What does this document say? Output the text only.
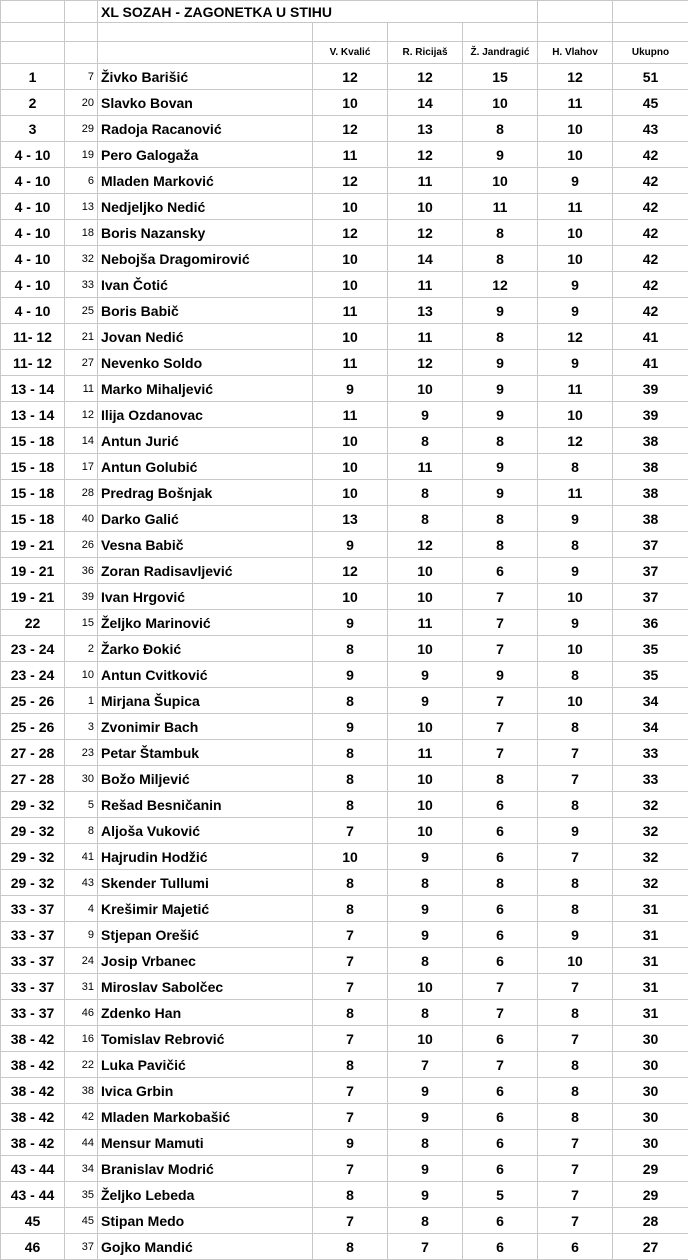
		XL SOZAH - ZAGONETKA U STIHU					

			V. Kvalić	R. Ricijaš	Ž. Jandragić	H. Vlahov	Ukupno
1	7	Živko Barišić	12	12	15	12	51
2	20	Slavko Bovan	10	14	10	11	45
3	29	Radoja Racanović	12	13	8	10	43
4 - 10	19	Pero Galogaža	11	12	9	10	42
4 - 10	6	Mladen Marković	12	11	10	9	42
4 - 10	13	Nedjeljko Nedić	10	10	11	11	42
4 - 10	18	Boris Nazansky	12	12	8	10	42
4 - 10	32	Nebojša Dragomirović	10	14	8	10	42
4 - 10	33	Ivan Čotić	10	11	12	9	42
4 - 10	25	Boris Babič	11	13	9	9	42
11- 12	21	Jovan Nedić	10	11	8	12	41
11- 12	27	Nevenko Soldo	11	12	9	9	41
13 - 14	11	Marko Mihaljević	9	10	9	11	39
13 - 14	12	Ilija Ozdanovac	11	9	9	10	39
15 - 18	14	Antun Jurić	10	8	8	12	38
15 - 18	17	Antun Golubić	10	11	9	8	38
15 - 18	28	Predrag Bošnjak	10	8	9	11	38
15 - 18	40	Darko Galić	13	8	8	9	38
19 - 21	26	Vesna Babič	9	12	8	8	37
19 - 21	36	Zoran Radisavljević	12	10	6	9	37
19 - 21	39	Ivan Hrgović	10	10	7	10	37
22	15	Željko Marinović	9	11	7	9	36
23 - 24	2	Žarko Đokić	8	10	7	10	35
23 - 24	10	Antun Cvitković	9	9	9	8	35
25 - 26	1	Mirjana Šupica	8	9	7	10	34
25 - 26	3	Zvonimir Bach	9	10	7	8	34
27 - 28	23	Petar Štambuk	8	11	7	7	33
27 - 28	30	Božo Miljević	8	10	8	7	33
29 - 32	5	Rešad Besničanin	8	10	6	8	32
29 - 32	8	Aljoša Vuković	7	10	6	9	32
29 - 32	41	Hajrudin Hodžić	10	9	6	7	32
29 - 32	43	Skender Tullumi	8	8	8	8	32
33 - 37	4	Krešimir Majetić	8	9	6	8	31
33 - 37	9	Stjepan Orešić	7	9	6	9	31
33 - 37	24	Josip Vrbanec	7	8	6	10	31
33 - 37	31	Miroslav Sabolčec	7	10	7	7	31
33 - 37	46	Zdenko Han	8	8	7	8	31
38 - 42	16	Tomislav Rebrović	7	10	6	7	30
38 - 42	22	Luka Pavičić	8	7	7	8	30
38 - 42	38	Ivica Grbin	7	9	6	8	30
38 - 42	42	Mladen Markobašić	7	9	6	8	30
38 - 42	44	Mensur Mamuti	9	8	6	7	30
43 - 44	34	Branislav Modrić	7	9	6	7	29
43 - 44	35	Željko Lebeda	8	9	5	7	29
45	45	Stipan Medo	7	8	6	7	28
46	37	Gojko Mandić	8	7	6	6	27
